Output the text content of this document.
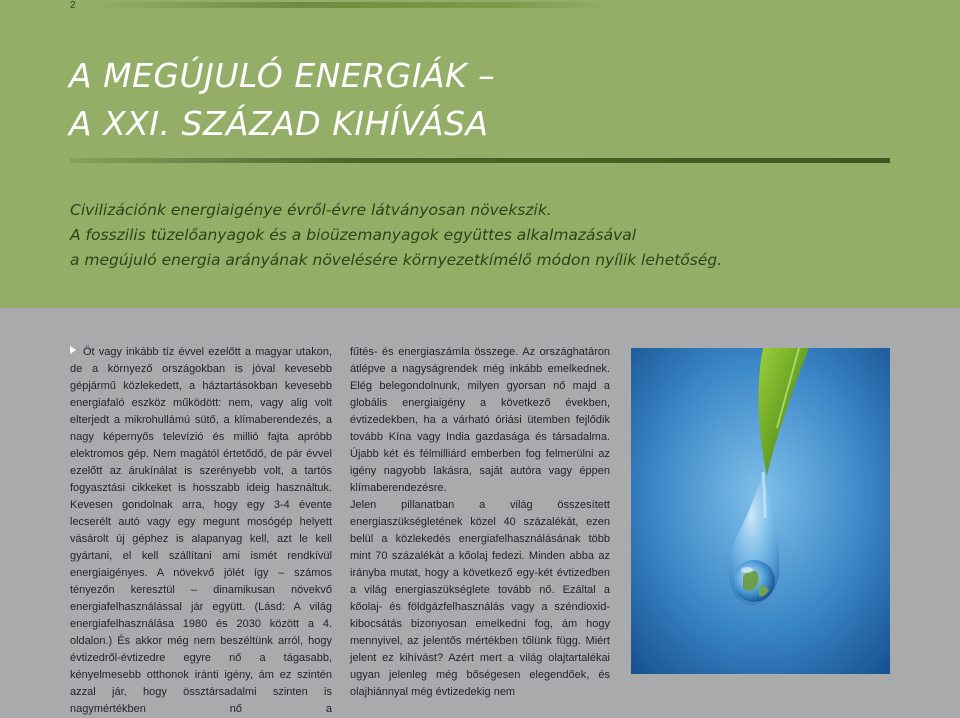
2
A MEGÚJULÓ ENERGIÁK –
A XXI. SZÁZAD KIHÍVÁSA

Civilizációnk energiaigénye évről-évre látványosan növekszik.
A fosszilis tüzelőanyagok és a bioüzemanyagok együttes alkalmazásával
a megújuló energia arányának növelésére környezetkímélő módon nyílik lehetőség.

Öt vagy inkább tíz évvel ezelőtt a magyar utakon, de a környező országokban is jóval kevesebb gépjármű közlekedett, a háztartásokban kevesebb energiafaló eszköz működött: nem, vagy alig volt elterjedt a mikrohullámú sütő, a klímaberendezés, a nagy képernyős televízió és millió fajta apróbb elektromos gép. Nem magától értetődő, de pár évvel ezelőtt az árukínálat is szerényebb volt, a tartós fogyasztási cikkeket is hosszabb ideig használtuk. Kevesen gondolnak arra, hogy egy 3-4 évente lecserélt autó vagy egy megunt mosógép helyett vásárolt új géphez is alapanyag kell, azt le kell gyártani, el kell szállítani ami ismét rendkívül energiaigényes. A növekvő jólét így – számos tényezőn keresztül – dinamikusan növekvő energiafelhasználással jár együtt. (Lásd: A világ energiafelhasználása 1980 és 2030 között a 4. oldalon.) És akkor még nem beszéltünk arról, hogy évtizedről-évtizedre egyre nő a tágasabb, kényelmesebb otthonok iránti igény, ám ez szintén azzal jár, hogy össztársadalmi szinten is nagymértékben nő a

fűtés- és energiaszámla összege. Az országhatáron átlépve a nagyságrendek még inkább emelkednek. Elég belegondolnunk, milyen gyorsan nő majd a globális energiaigény a következő években, évtizedekben, ha a várható óriási ütemben fejlődik tovább Kína vagy India gazdasága és társadalma. Újabb két és félmilliárd emberben fog felmerülni az igény nagyobb lakásra, saját autóra vagy éppen klímaberendezésre.

Jelen pillanatban a világ összesített energiaszükségletének közel 40 százalékát, ezen belül a közlekedés energiafelhasználásának több mint 70 százalékát a kőolaj fedezi. Minden abba az irányba mutat, hogy a következő egy-két évtizedben a világ energiaszükséglete tovább nő. Ezáltal a kőolaj- és földgázfelhasználás vagy a széndioxid-kibocsátás bizonyosan emelkedni fog, ám hogy mennyivel, az jelentős mértékben tőlünk függ. Miért jelent ez kihívást? Azért mert a világ olajtartalékai ugyan jelenleg még bőségesen elegendőek, és olajhiánnyal még évtizedekig nem
